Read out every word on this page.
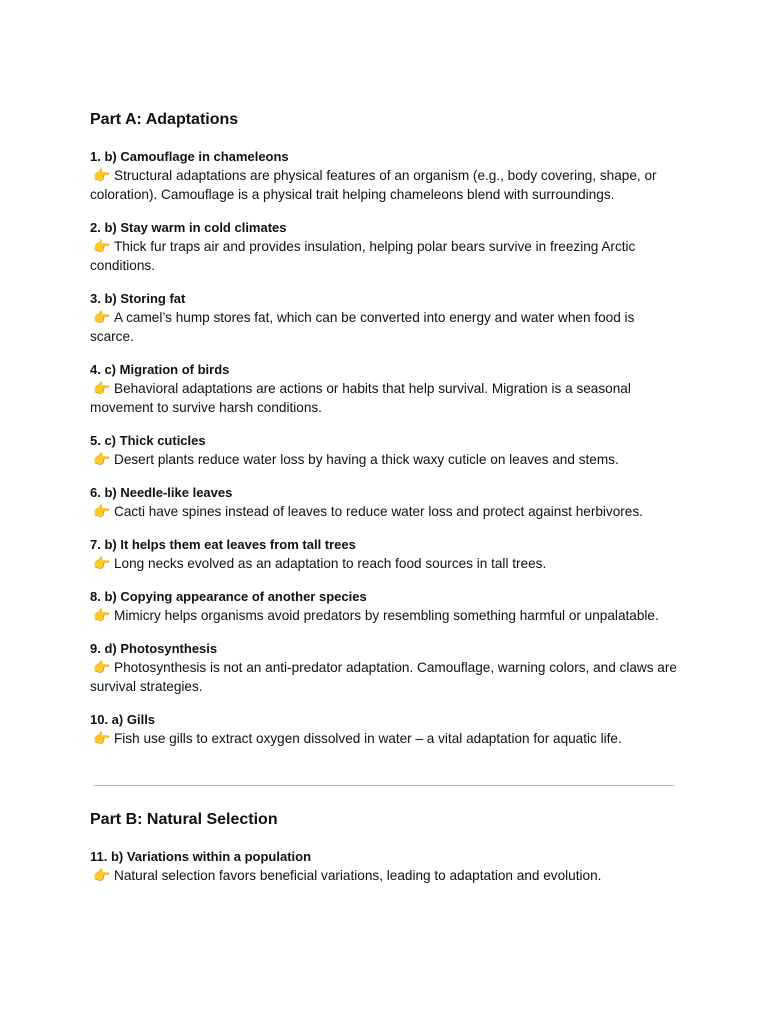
Part A: Adaptations
1. b) Camouflage in chameleons
👉 Structural adaptations are physical features of an organism (e.g., body covering, shape, or coloration). Camouflage is a physical trait helping chameleons blend with surroundings.
2. b) Stay warm in cold climates
👉 Thick fur traps air and provides insulation, helping polar bears survive in freezing Arctic conditions.
3. b) Storing fat
👉 A camel’s hump stores fat, which can be converted into energy and water when food is scarce.
4. c) Migration of birds
👉 Behavioral adaptations are actions or habits that help survival. Migration is a seasonal movement to survive harsh conditions.
5. c) Thick cuticles
👉 Desert plants reduce water loss by having a thick waxy cuticle on leaves and stems.
6. b) Needle-like leaves
👉 Cacti have spines instead of leaves to reduce water loss and protect against herbivores.
7. b) It helps them eat leaves from tall trees
👉 Long necks evolved as an adaptation to reach food sources in tall trees.
8. b) Copying appearance of another species
👉 Mimicry helps organisms avoid predators by resembling something harmful or unpalatable.
9. d) Photosynthesis
👉 Photosynthesis is not an anti-predator adaptation. Camouflage, warning colors, and claws are survival strategies.
10. a) Gills
👉 Fish use gills to extract oxygen dissolved in water – a vital adaptation for aquatic life.
Part B: Natural Selection
11. b) Variations within a population
👉 Natural selection favors beneficial variations, leading to adaptation and evolution.
